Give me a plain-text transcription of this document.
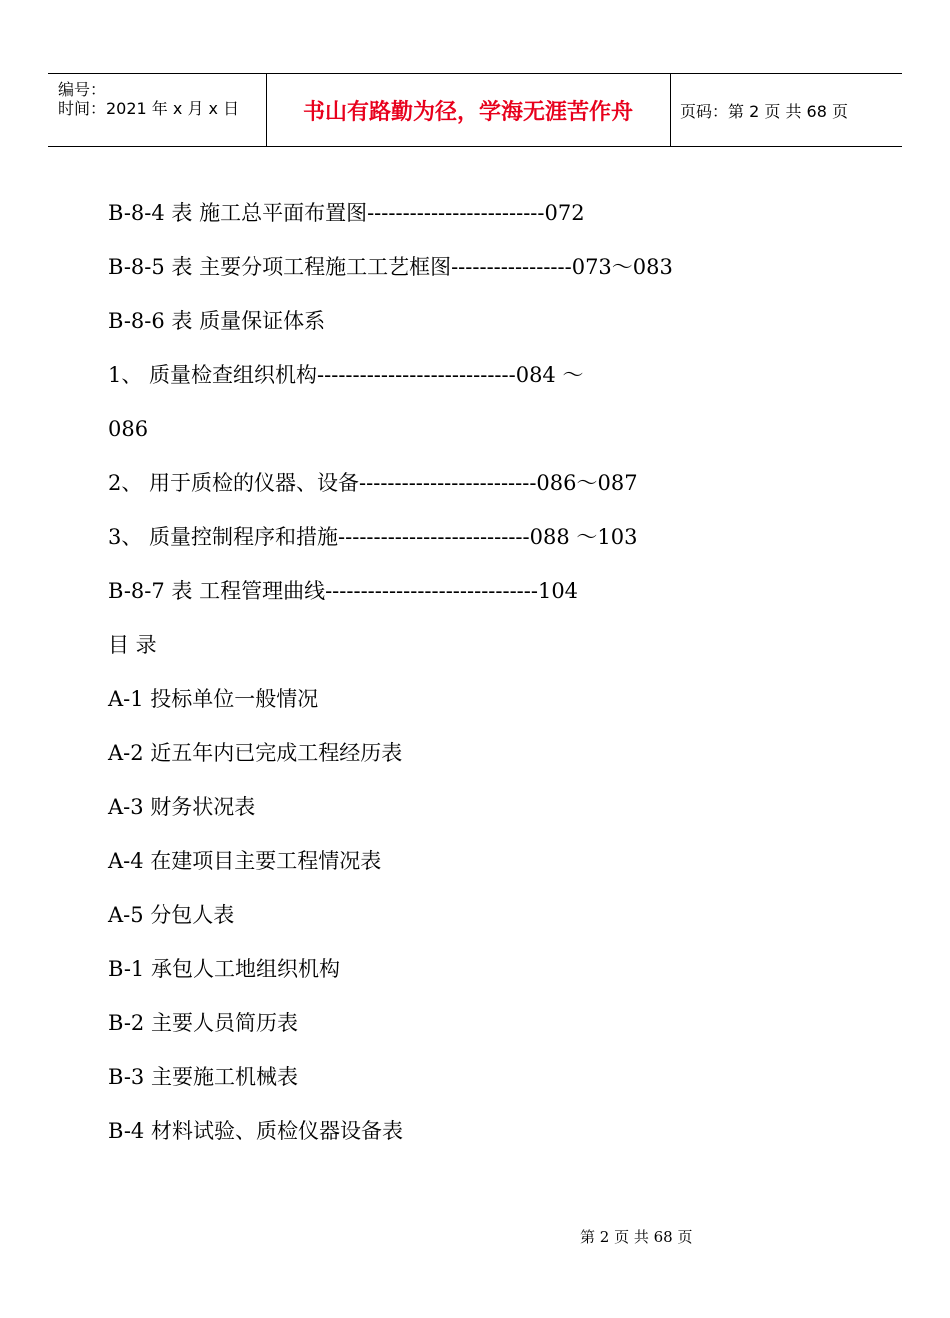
编号：
时间：2021 年 x 月 x 日	书山有路勤为径，学海无涯苦作舟	页码：第 2 页 共 68 页
B-8-4 表 施工总平面布置图-------------------------072
B-8-5 表 主要分项工程施工工艺框图-----------------073～083
B-8-6 表 质量保证体系
1、 质量检查组织机构----------------------------084 ～
086
2、 用于质检的仪器、设备-------------------------086～087
3、 质量控制程序和措施---------------------------088 ～103
B-8-7 表 工程管理曲线------------------------------104
目 录
A-1 投标单位一般情况
A-2 近五年内已完成工程经历表
A-3 财务状况表
A-4 在建项目主要工程情况表
A-5 分包人表
B-1 承包人工地组织机构
B-2 主要人员简历表
B-3 主要施工机械表
B-4 材料试验、质检仪器设备表
第 2 页 共 68 页
